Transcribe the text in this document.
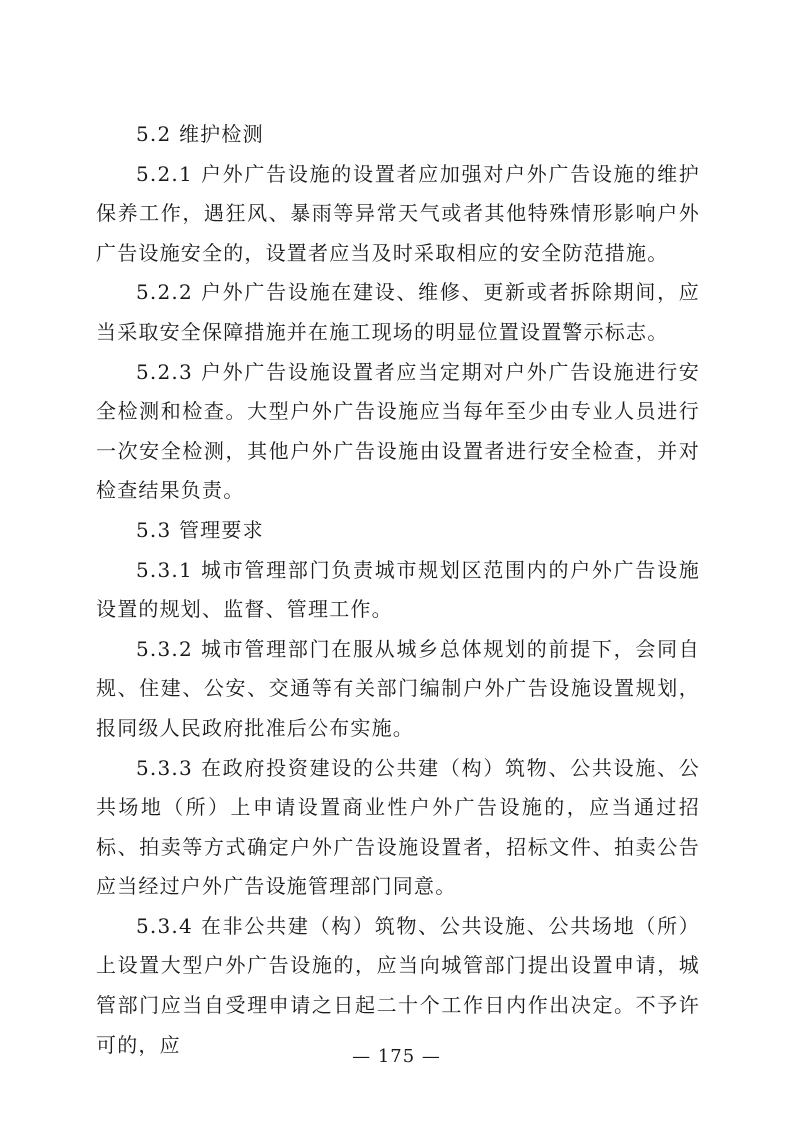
5.2 维护检测

5.2.1 户外广告设施的设置者应加强对户外广告设施的维护保养工作，遇狂风、暴雨等异常天气或者其他特殊情形影响户外广告设施安全的，设置者应当及时采取相应的安全防范措施。

5.2.2 户外广告设施在建设、维修、更新或者拆除期间，应当采取安全保障措施并在施工现场的明显位置设置警示标志。

5.2.3 户外广告设施设置者应当定期对户外广告设施进行安全检测和检查。大型户外广告设施应当每年至少由专业人员进行一次安全检测，其他户外广告设施由设置者进行安全检查，并对检查结果负责。

5.3 管理要求

5.3.1 城市管理部门负责城市规划区范围内的户外广告设施设置的规划、监督、管理工作。

5.3.2 城市管理部门在服从城乡总体规划的前提下，会同自规、住建、公安、交通等有关部门编制户外广告设施设置规划，报同级人民政府批准后公布实施。

5.3.3 在政府投资建设的公共建（构）筑物、公共设施、公共场地（所）上申请设置商业性户外广告设施的，应当通过招标、拍卖等方式确定户外广告设施设置者，招标文件、拍卖公告应当经过户外广告设施管理部门同意。

5.3.4 在非公共建（构）筑物、公共设施、公共场地（所）上设置大型户外广告设施的，应当向城管部门提出设置申请，城管部门应当自受理申请之日起二十个工作日内作出决定。不予许可的，应	— 175 —
